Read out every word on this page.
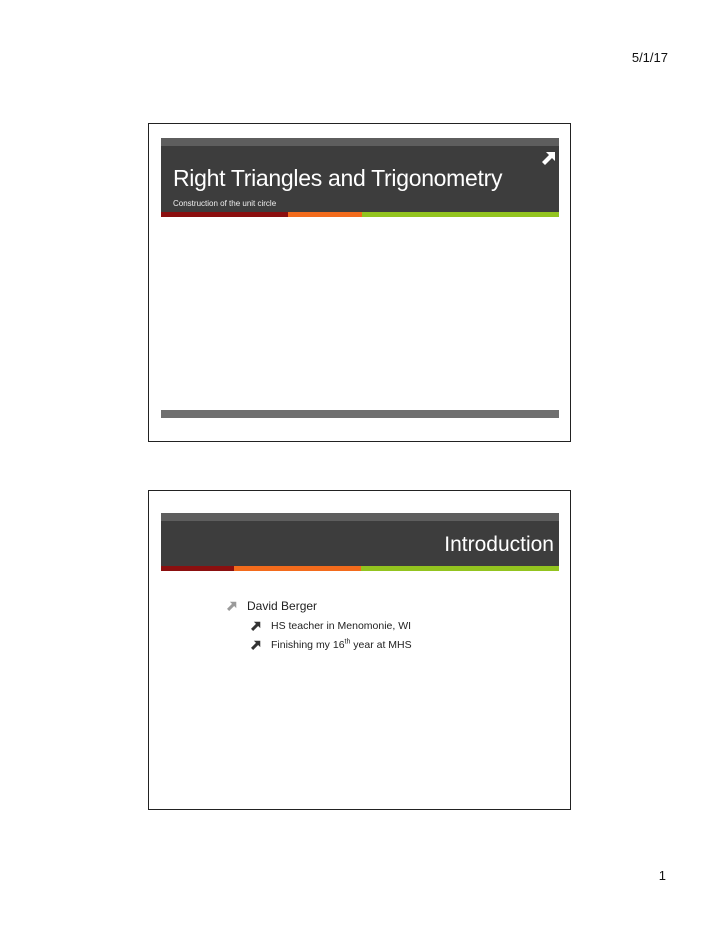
5/1/17
Right Triangles and Trigonometry
Construction of the unit circle
Introduction
David Berger
HS teacher in Menomonie, WI
Finishing my 16th year at MHS
1
